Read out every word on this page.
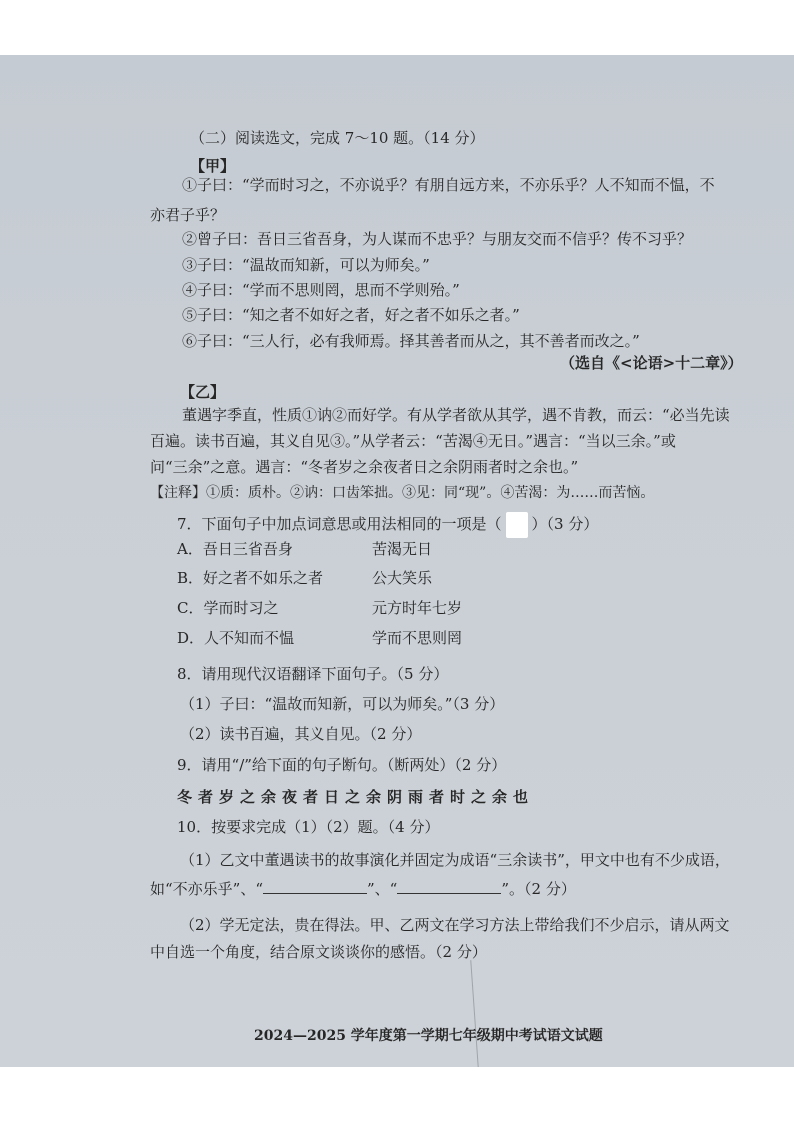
（二）阅读选文，完成 7～10 题。（14 分）
【甲】
①子曰：“学而时习之，不亦说乎？有朋自远方来，不亦乐乎？人不知而不愠，不
亦君子乎？
②曾子曰：吾日三省吾身，为人谋而不忠乎？与朋友交而不信乎？传不习乎？
③子曰：“温故而知新，可以为师矣。”
④子曰：“学而不思则罔，思而不学则殆。”
⑤子曰：“知之者不如好之者，好之者不如乐之者。”
⑥子曰：“三人行，必有我师焉。择其善者而从之，其不善者而改之。”
（选自《<论语>十二章》）
【乙】
董遇字季直，性质①讷②而好学。有从学者欲从其学，遇不肯教，而云：“必当先读
百遍。读书百遍，其义自见③。”从学者云：“苦渴④无日。”遇言：“当以三余。”或
问“三余”之意。遇言：“冬者岁之余夜者日之余阴雨者时之余也。”
【注释】①质：质朴。②讷：口齿笨拙。③见：同“现”。④苦渴：为……而苦恼。
7．下面句子中加点词意思或用法相同的一项是（ ）（3 分）
A．吾日三省吾身	苦渴无日
B．好之者不如乐之者	公大笑乐
C．学而时习之	元方时年七岁
D．人不知而不愠	学而不思则罔
8．请用现代汉语翻译下面句子。（5 分）
（1）子曰：“温故而知新，可以为师矣。”（3 分）
（2）读书百遍，其义自见。（2 分）
9．请用“/”给下面的句子断句。（断两处）（2 分）
冬者岁之余夜者日之余阴雨者时之余也
10．按要求完成（1）（2）题。（4 分）
（1）乙文中董遇读书的故事演化并固定为成语“三余读书”，甲文中也有不少成语，
如“不亦乐乎”、“	”、“	”。（2 分）
（2）学无定法，贵在得法。甲、乙两文在学习方法上带给我们不少启示，请从两文
中自选一个角度，结合原文谈谈你的感悟。（2 分）
2024—2025 学年度第一学期七年级期中考试语文试题
